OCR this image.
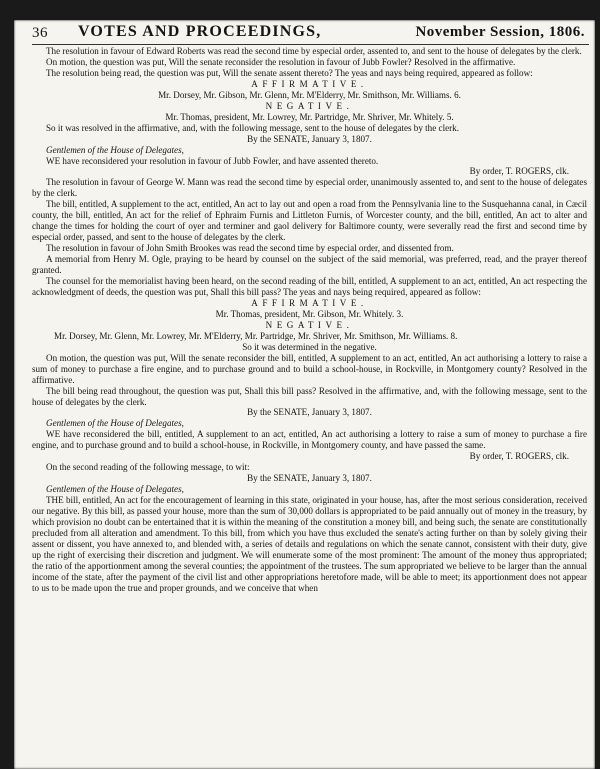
36 VOTES AND PROCEEDINGS,	November Session, 1806.

The resolution in favour of Edward Roberts was read the second time by especial order, assented to, and sent to the house of delegates by the clerk.

On motion, the question was put, Will the senate reconsider the resolution in favour of Jubb Fowler? Resolved in the affirmative.

The resolution being read, the question was put, Will the senate assent thereto? The yeas and nays being required, appeared as follow:

AFFIRMATIVE.

Mr. Dorsey, Mr. Gibson, Mr. Glenn, Mr. M'Elderry, Mr. Smithson, Mr. Williams. 6.

NEGATIVE.

Mr. Thomas, president, Mr. Lowrey, Mr. Partridge, Mr. Shriver, Mr. Whitely. 5.

So it was resolved in the affirmative, and, with the following message, sent to the house of delegates by the clerk.

By the SENATE, January 3, 1807.

Gentlemen of the House of Delegates,

WE have reconsidered your resolution in favour of Jubb Fowler, and have assented thereto.

By order, T. ROGERS, clk.

The resolution in favour of George W. Mann was read the second time by especial order, unanimously assented to, and sent to the house of delegates by the clerk.

The bill, entitled, A supplement to the act, entitled, An act to lay out and open a road from the Pennsylvania line to the Susquehanna canal, in Cæcil county, the bill, entitled, An act for the relief of Ephraim Furnis and Littleton Furnis, of Worcester county, and the bill, entitled, An act to alter and change the times for holding the court of oyer and terminer and gaol delivery for Baltimore county, were severally read the first and second time by especial order, passed, and sent to the house of delegates by the clerk.

The resolution in favour of John Smith Brookes was read the second time by especial order, and dissented from.

A memorial from Henry M. Ogle, praying to be heard by counsel on the subject of the said memorial, was preferred, read, and the prayer thereof granted.

The counsel for the memorialist having been heard, on the second reading of the bill, entitled, A supplement to an act, entitled, An act respecting the acknowledgment of deeds, the question was put, Shall this bill pass? The yeas and nays being required, appeared as follow:

AFFIRMATIVE.

Mr. Thomas, president, Mr. Gibson, Mr. Whitely. 3.

NEGATIVE.

Mr. Dorsey, Mr. Glenn, Mr. Lowrey, Mr. M'Elderry, Mr. Partridge, Mr. Shriver, Mr. Smithson, Mr. Williams. 8.

So it was determined in the negative.

On motion, the question was put, Will the senate reconsider the bill, entitled, A supplement to an act, entitled, An act authorising a lottery to raise a sum of money to purchase a fire engine, and to purchase ground and to build a school-house, in Rockville, in Montgomery county? Resolved in the affirmative.

The bill being read throughout, the question was put, Shall this bill pass? Resolved in the affirmative, and, with the following message, sent to the house of delegates by the clerk.

By the SENATE, January 3, 1807.

Gentlemen of the House of Delegates,

WE have reconsidered the bill, entitled, A supplement to an act, entitled, An act authorising a lottery to raise a sum of money to purchase a fire engine, and to purchase ground and to build a school-house, in Rockville, in Montgomery county, and have passed the same.

By order, T. ROGERS, clk.

On the second reading of the following message, to wit:

By the SENATE, January 3, 1807.

Gentlemen of the House of Delegates,

THE bill, entitled, An act for the encouragement of learning in this state, originated in your house, has, after the most serious consideration, received our negative. By this bill, as passed your house, more than the sum of 30,000 dollars is appropriated to be paid annually out of money in the treasury, by which provision no doubt can be entertained that it is within the meaning of the constitution a money bill, and being such, the senate are constitutionally precluded from all alteration and amendment. To this bill, from which you have thus excluded the senate's acting further on than by solely giving their assent or dissent, you have annexed to, and blended with, a series of details and regulations on which the senate cannot, consistent with their duty, give up the right of exercising their discretion and judgment. We will enumerate some of the most prominent: The amount of the money thus appropriated; the ratio of the apportionment among the several counties; the appointment of the trustees. The sum appropriated we believe to be larger than the annual income of the state, after the payment of the civil list and other appropriations heretofore made, will be able to meet; its apportionment does not appear to us to be made upon the true and proper grounds, and we conceive that when
